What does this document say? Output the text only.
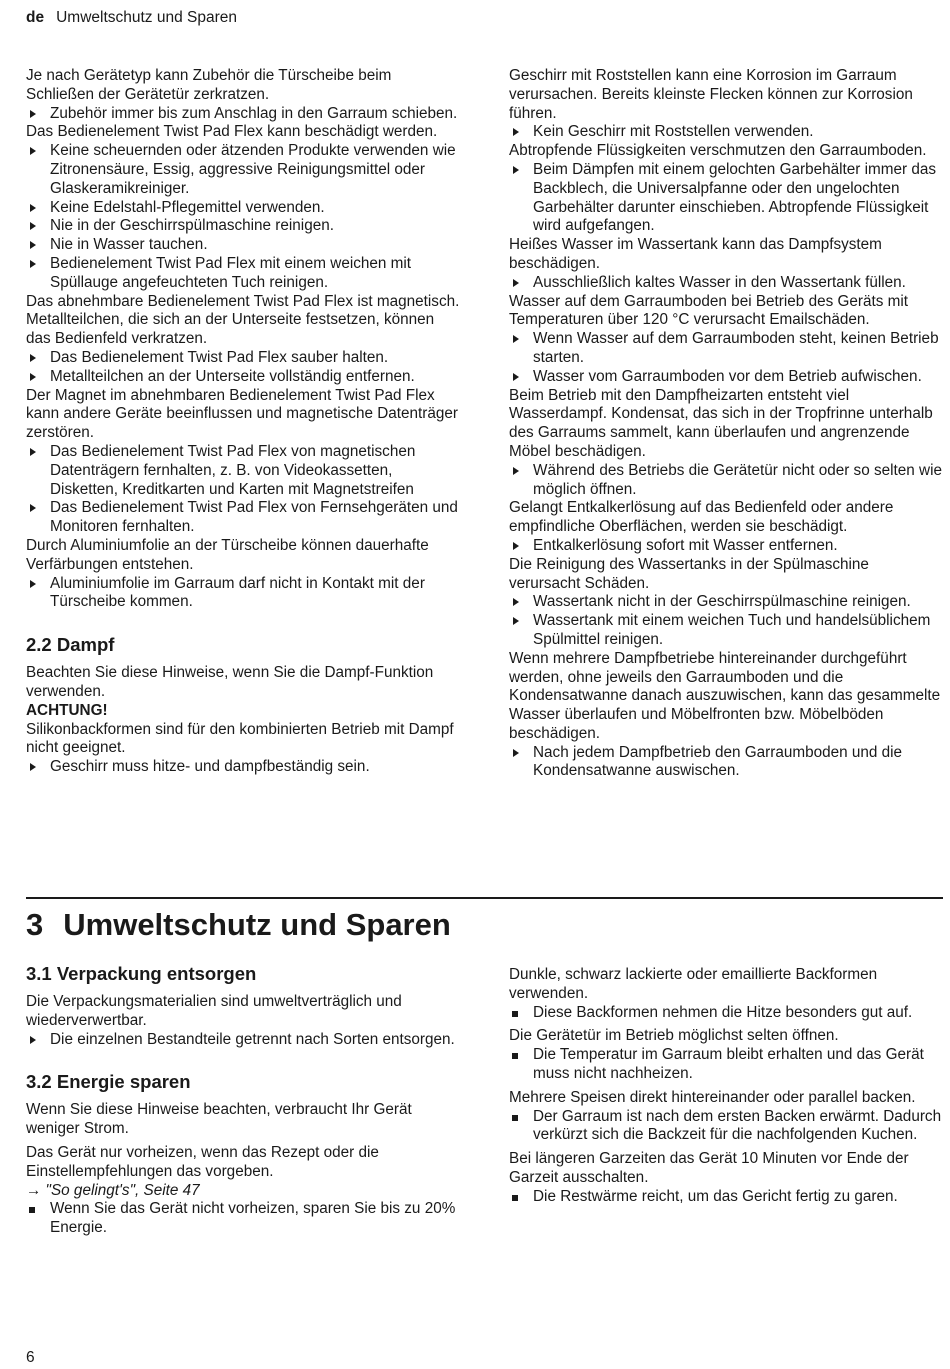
de Umweltschutz und Sparen

Je nach Gerätetyp kann Zubehör die Türscheibe beim Schließen der Gerätetür zerkratzen.

Zubehör immer bis zum Anschlag in den Garraum schieben.

Das Bedienelement Twist Pad Flex kann beschädigt werden.

Keine scheuernden oder ätzenden Produkte verwenden wie Zitronensäure, Essig, aggressive Reinigungsmittel oder Glaskeramikreiniger.
Keine Edelstahl-Pflegemittel verwenden.
Nie in der Geschirrspülmaschine reinigen.
Nie in Wasser tauchen.
Bedienelement Twist Pad Flex mit einem weichen mit Spüllauge angefeuchteten Tuch reinigen.

Das abnehmbare Bedienelement Twist Pad Flex ist magnetisch. Metallteilchen, die sich an der Unterseite festsetzen, können das Bedienfeld verkratzen.

Das Bedienelement Twist Pad Flex sauber halten.
Metallteilchen an der Unterseite vollständig entfernen.

Der Magnet im abnehmbaren Bedienelement Twist Pad Flex kann andere Geräte beeinflussen und magnetische Datenträger zerstören.

Das Bedienelement Twist Pad Flex von magnetischen Datenträgern fernhalten, z. B. von Videokassetten, Disketten, Kreditkarten und Karten mit Magnetstreifen
Das Bedienelement Twist Pad Flex von Fernsehgeräten und Monitoren fernhalten.

Durch Aluminiumfolie an der Türscheibe können dauerhafte Verfärbungen entstehen.

Aluminiumfolie im Garraum darf nicht in Kontakt mit der Türscheibe kommen.
2.2 Dampf

Beachten Sie diese Hinweise, wenn Sie die Dampf-Funktion verwenden.

ACHTUNG!

Silikonbackformen sind für den kombinierten Betrieb mit Dampf nicht geeignet.

Geschirr muss hitze- und dampfbeständig sein.

Geschirr mit Roststellen kann eine Korrosion im Garraum verursachen. Bereits kleinste Flecken können zur Korrosion führen.

Kein Geschirr mit Roststellen verwenden.

Abtropfende Flüssigkeiten verschmutzen den Garraumboden.

Beim Dämpfen mit einem gelochten Garbehälter immer das Backblech, die Universalpfanne oder den ungelochten Garbehälter darunter einschieben. Abtropfende Flüssigkeit wird aufgefangen.

Heißes Wasser im Wassertank kann das Dampfsystem beschädigen.

Ausschließlich kaltes Wasser in den Wassertank füllen.

Wasser auf dem Garraumboden bei Betrieb des Geräts mit Temperaturen über 120 °C verursacht Emailschäden.

Wenn Wasser auf dem Garraumboden steht, keinen Betrieb starten.
Wasser vom Garraumboden vor dem Betrieb aufwischen.

Beim Betrieb mit den Dampfheizarten entsteht viel Wasserdampf. Kondensat, das sich in der Tropfrinne unterhalb des Garraums sammelt, kann überlaufen und angrenzende Möbel beschädigen.

Während des Betriebs die Gerätetür nicht oder so selten wie möglich öffnen.

Gelangt Entkalkerlösung auf das Bedienfeld oder andere empfindliche Oberflächen, werden sie beschädigt.

Entkalkerlösung sofort mit Wasser entfernen.

Die Reinigung des Wassertanks in der Spülmaschine verursacht Schäden.

Wassertank nicht in der Geschirrspülmaschine reinigen.
Wassertank mit einem weichen Tuch und handelsüblichem Spülmittel reinigen.

Wenn mehrere Dampfbetriebe hintereinander durchgeführt werden, ohne jeweils den Garraumboden und die Kondensatwanne danach auszuwischen, kann das gesammelte Wasser überlaufen und Möbelfronten bzw. Möbelböden beschädigen.

Nach jedem Dampfbetrieb den Garraumboden und die Kondensatwanne auswischen.
3 Umweltschutz und Sparen
3.1 Verpackung entsorgen

Die Verpackungsmaterialien sind umweltverträglich und wiederverwertbar.

Die einzelnen Bestandteile getrennt nach Sorten entsorgen.
3.2 Energie sparen

Wenn Sie diese Hinweise beachten, verbraucht Ihr Gerät weniger Strom.

Das Gerät nur vorheizen, wenn das Rezept oder die Einstellempfehlungen das vorgeben.

→ "So gelingt's", Seite 47

Wenn Sie das Gerät nicht vorheizen, sparen Sie bis zu 20% Energie.

Dunkle, schwarz lackierte oder emaillierte Backformen verwenden.

Diese Backformen nehmen die Hitze besonders gut auf.

Die Gerätetür im Betrieb möglichst selten öffnen.

Die Temperatur im Garraum bleibt erhalten und das Gerät muss nicht nachheizen.

Mehrere Speisen direkt hintereinander oder parallel backen.

Der Garraum ist nach dem ersten Backen erwärmt. Dadurch verkürzt sich die Backzeit für die nachfolgenden Kuchen.

Bei längeren Garzeiten das Gerät 10 Minuten vor Ende der Garzeit ausschalten.

Die Restwärme reicht, um das Gericht fertig zu garen.
6
